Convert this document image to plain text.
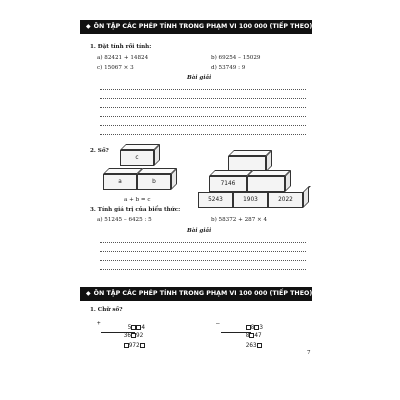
◆ ÔN TẬP CÁC PHÉP TÍNH TRONG PHẠM VI 100 000 (TIẾP THEO)
1. Đặt tính rồi tính:
a) 82421 + 14824	b) 69254 – 15029
c) 15067 × 3	d) 53749 : 9
Bài giải
2. Số?
c
a	b
a + b = c
7146
5243	1903	2022
3. Tính giá trị của biểu thức:
a) 51245 – 6425 : 5	b) 58372 + 287 × 4
Bài giải
◆ ÔN TẬP CÁC PHÉP TÍNH TRONG PHẠM VI 100 000 (TIẾP THEO)
1. Chữ số?
+

5 4

36 92

972

–

8 3

8 47

263

7
